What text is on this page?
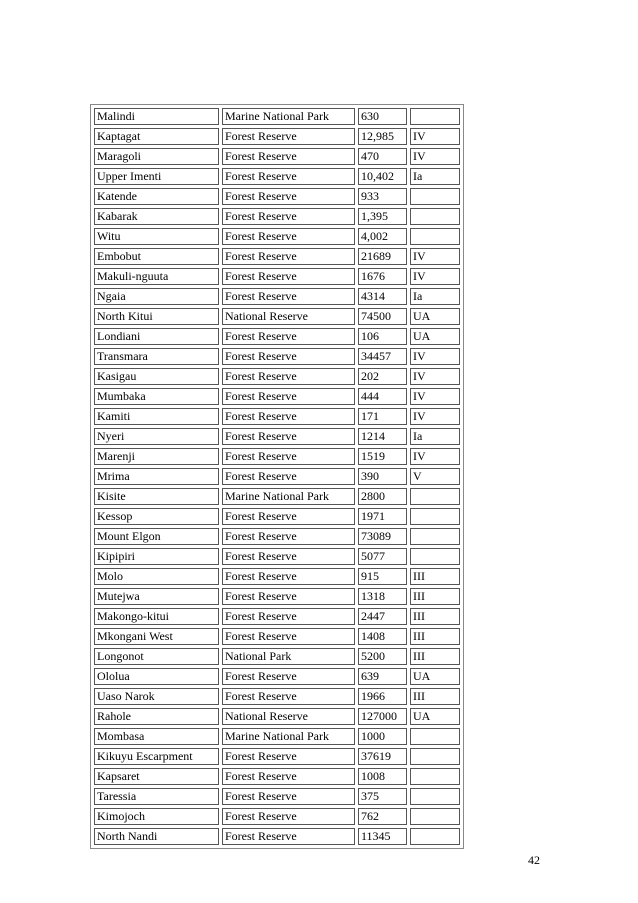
Malindi	Marine National Park	630	
Kaptagat	Forest Reserve	12,985	IV
Maragoli	Forest Reserve	470	IV
Upper Imenti	Forest Reserve	10,402	Ia
Katende	Forest Reserve	933	
Kabarak	Forest Reserve	1,395	
Witu	Forest Reserve	4,002	
Embobut	Forest Reserve	21689	IV
Makuli-nguuta	Forest Reserve	1676	IV
Ngaia	Forest Reserve	4314	Ia
North Kitui	National Reserve	74500	UA
Londiani	Forest Reserve	106	UA
Transmara	Forest Reserve	34457	IV
Kasigau	Forest Reserve	202	IV
Mumbaka	Forest Reserve	444	IV
Kamiti	Forest Reserve	171	IV
Nyeri	Forest Reserve	1214	Ia
Marenji	Forest Reserve	1519	IV
Mrima	Forest Reserve	390	V
Kisite	Marine National Park	2800	
Kessop	Forest Reserve	1971	
Mount Elgon	Forest Reserve	73089	
Kipipiri	Forest Reserve	5077	
Molo	Forest Reserve	915	III
Mutejwa	Forest Reserve	1318	III
Makongo-kitui	Forest Reserve	2447	III
Mkongani West	Forest Reserve	1408	III
Longonot	National Park	5200	III
Ololua	Forest Reserve	639	UA
Uaso Narok	Forest Reserve	1966	III
Rahole	National Reserve	127000	UA
Mombasa	Marine National Park	1000	
Kikuyu Escarpment	Forest Reserve	37619	
Kapsaret	Forest Reserve	1008	
Taressia	Forest Reserve	375	
Kimojoch	Forest Reserve	762	
North Nandi	Forest Reserve	11345	
42
